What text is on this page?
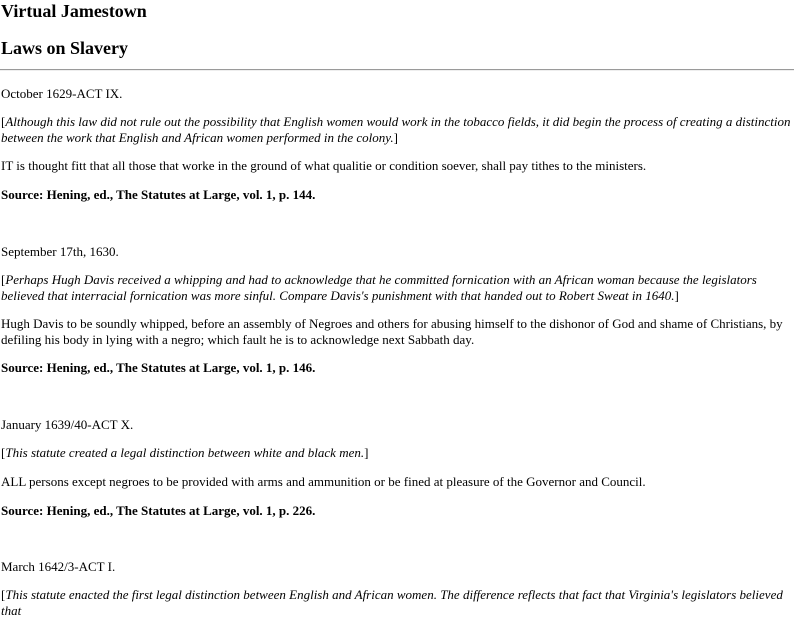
Virtual Jamestown
Laws on Slavery

October 1629-ACT IX.

[Although this law did not rule out the possibility that English women would work in the tobacco fields, it did begin the process of creating a distinction between the work that English and African women performed in the colony.]

IT is thought fitt that all those that worke in the ground of what qualitie or condition soever, shall pay tithes to the ministers.

Source: Hening, ed., The Statutes at Large, vol. 1, p. 144.

September 17th, 1630.

[Perhaps Hugh Davis received a whipping and had to acknowledge that he committed fornication with an African woman because the legislators believed that interracial fornication was more sinful. Compare Davis's punishment with that handed out to Robert Sweat in 1640.]

Hugh Davis to be soundly whipped, before an assembly of Negroes and others for abusing himself to the dishonor of God and shame of Christians, by defiling his body in lying with a negro; which fault he is to acknowledge next Sabbath day.

Source: Hening, ed., The Statutes at Large, vol. 1, p. 146.

January 1639/40-ACT X.

[This statute created a legal distinction between white and black men.]

ALL persons except negroes to be provided with arms and ammunition or be fined at pleasure of the Governor and Council.

Source: Hening, ed., The Statutes at Large, vol. 1, p. 226.

March 1642/3-ACT I.

[This statute enacted the first legal distinction between English and African women. The difference reflects that fact that Virginia's legislators believed that
